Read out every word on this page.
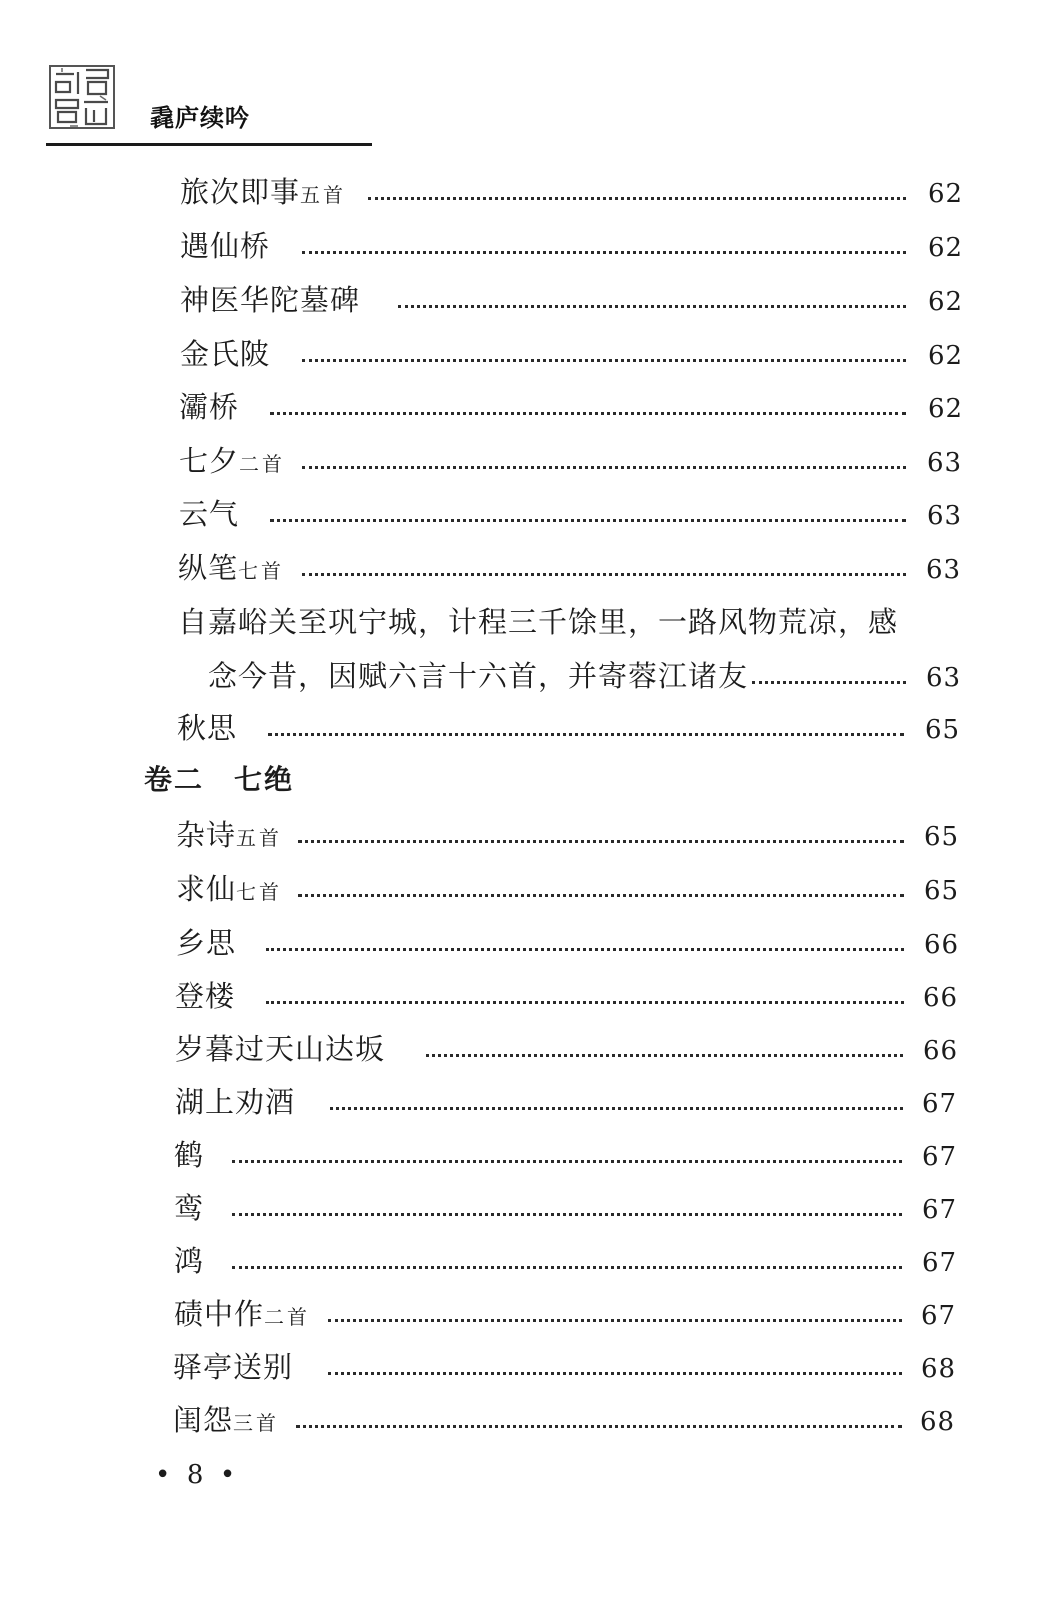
毳庐续吟
旅次即事五首	62
遇仙桥	62
神医华陀墓碑	62
金氏陂	62
灞桥	62
七夕二首	63
云气	63
纵笔七首	63
自嘉峪关至巩宁城，计程三千馀里，一路风物荒凉，感
念今昔，因赋六言十六首，并寄蓉江诸友	63
秋思	65
卷二　七绝
杂诗五首	65
求仙七首	65
乡思	66
登楼	66
岁暮过天山达坂	66
湖上劝酒	67
鹤	67
鸾	67
鸿	67
碛中作二首	67
驿亭送别	68
闺怨三首	68
•  8  •
